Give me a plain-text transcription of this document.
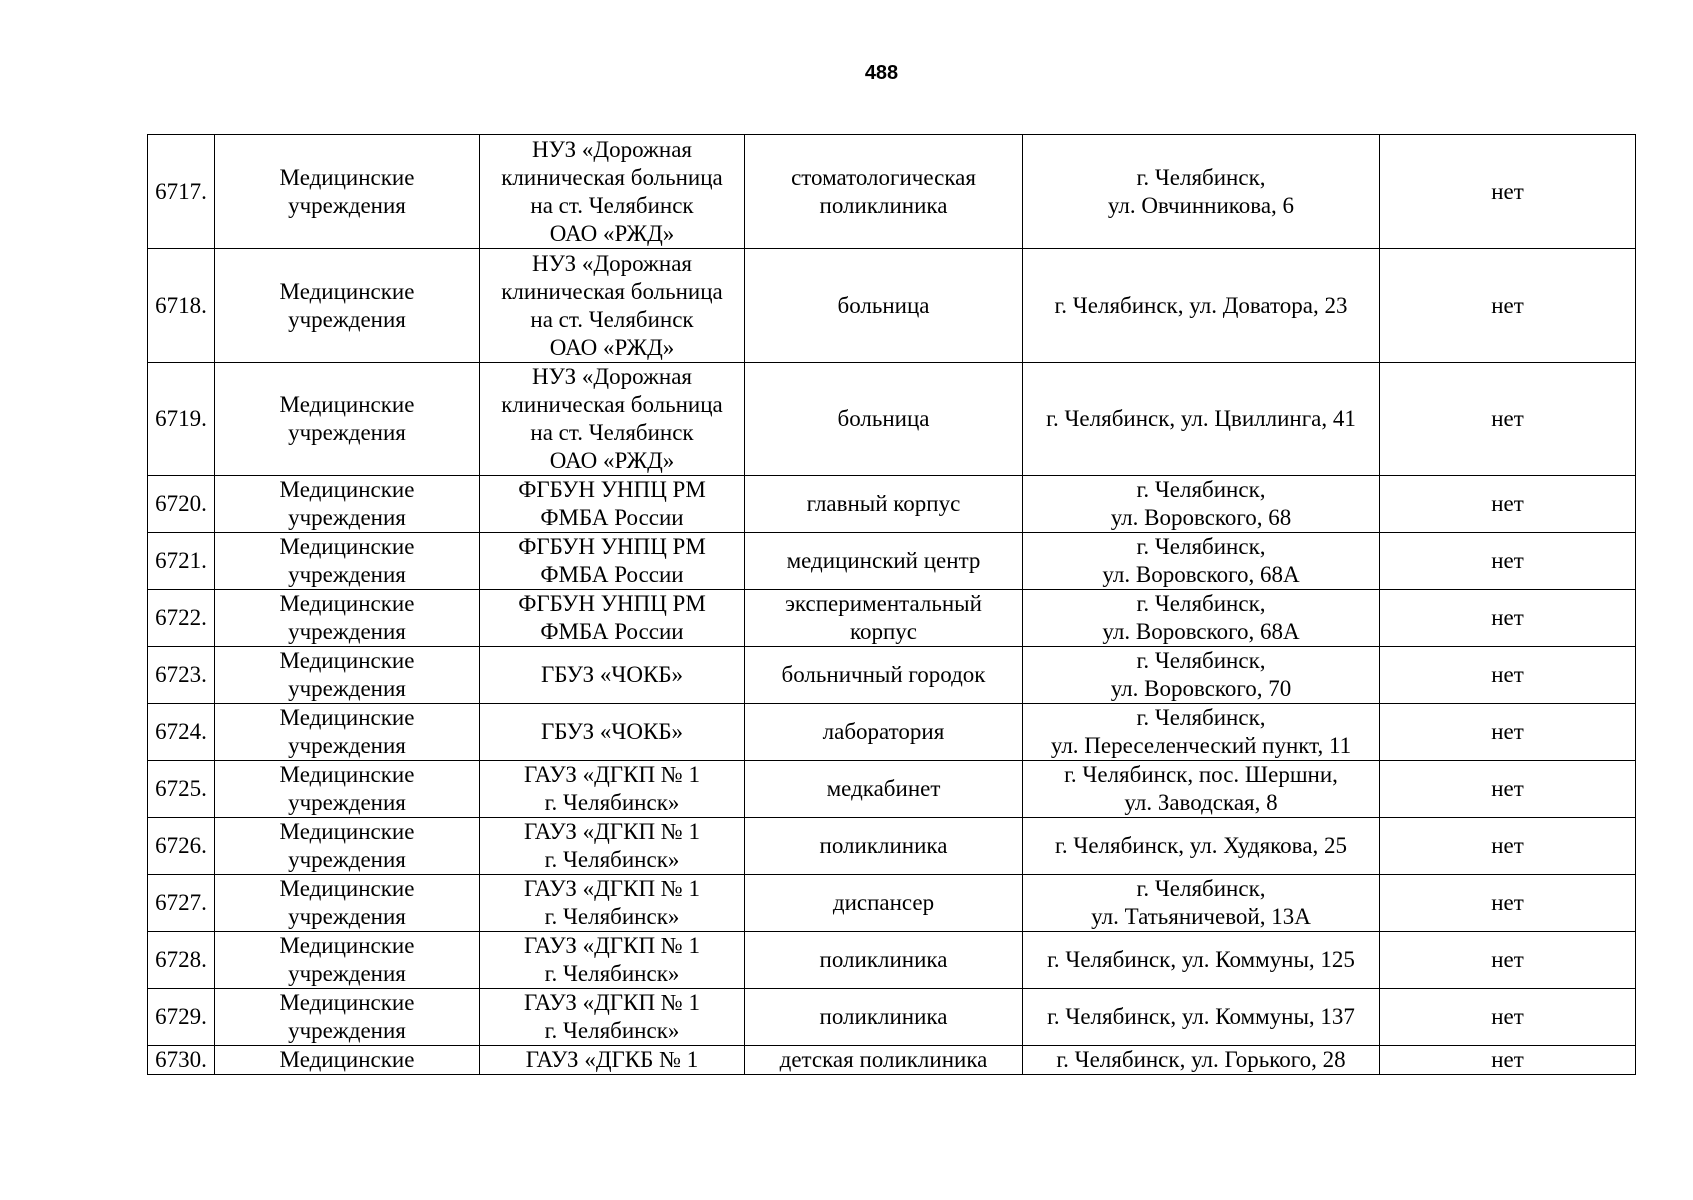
488
6717.	Медицинские
учреждения	НУЗ «Дорожная
клиническая больница
на ст. Челябинск
ОАО «РЖД»	стоматологическая
поликлиника	г. Челябинск,
ул. Овчинникова, 6	нет

6718.	Медицинские
учреждения	НУЗ «Дорожная
клиническая больница
на ст. Челябинск
ОАО «РЖД»	больница	г. Челябинск, ул. Доватора, 23	нет

6719.	Медицинские
учреждения	НУЗ «Дорожная
клиническая больница
на ст. Челябинск
ОАО «РЖД»	больница	г. Челябинск, ул. Цвиллинга, 41	нет

6720.	Медицинские
учреждения	ФГБУН УНПЦ РМ
ФМБА России	главный корпус	г. Челябинск,
ул. Воровского, 68	нет

6721.	Медицинские
учреждения	ФГБУН УНПЦ РМ
ФМБА России	медицинский центр	г. Челябинск,
ул. Воровского, 68А	нет

6722.	Медицинские
учреждения	ФГБУН УНПЦ РМ
ФМБА России	экспериментальный
корпус	г. Челябинск,
ул. Воровского, 68А	нет

6723.	Медицинские
учреждения	ГБУЗ «ЧОКБ»	больничный городок	г. Челябинск,
ул. Воровского, 70	нет

6724.	Медицинские
учреждения	ГБУЗ «ЧОКБ»	лаборатория	г. Челябинск,
ул. Переселенческий пункт, 11	нет

6725.	Медицинские
учреждения	ГАУЗ «ДГКП № 1
г. Челябинск»	медкабинет	г. Челябинск, пос. Шершни,
ул. Заводская, 8	нет

6726.	Медицинские
учреждения	ГАУЗ «ДГКП № 1
г. Челябинск»	поликлиника	г. Челябинск, ул. Худякова, 25	нет

6727.	Медицинские
учреждения	ГАУЗ «ДГКП № 1
г. Челябинск»	диспансер	г. Челябинск,
ул. Татьяничевой, 13А	нет

6728.	Медицинские
учреждения	ГАУЗ «ДГКП № 1
г. Челябинск»	поликлиника	г. Челябинск, ул. Коммуны, 125	нет

6729.	Медицинские
учреждения	ГАУЗ «ДГКП № 1
г. Челябинск»	поликлиника	г. Челябинск, ул. Коммуны, 137	нет

6730.	Медицинские	ГАУЗ «ДГКБ № 1	детская поликлиника	г. Челябинск, ул. Горького, 28	нет
